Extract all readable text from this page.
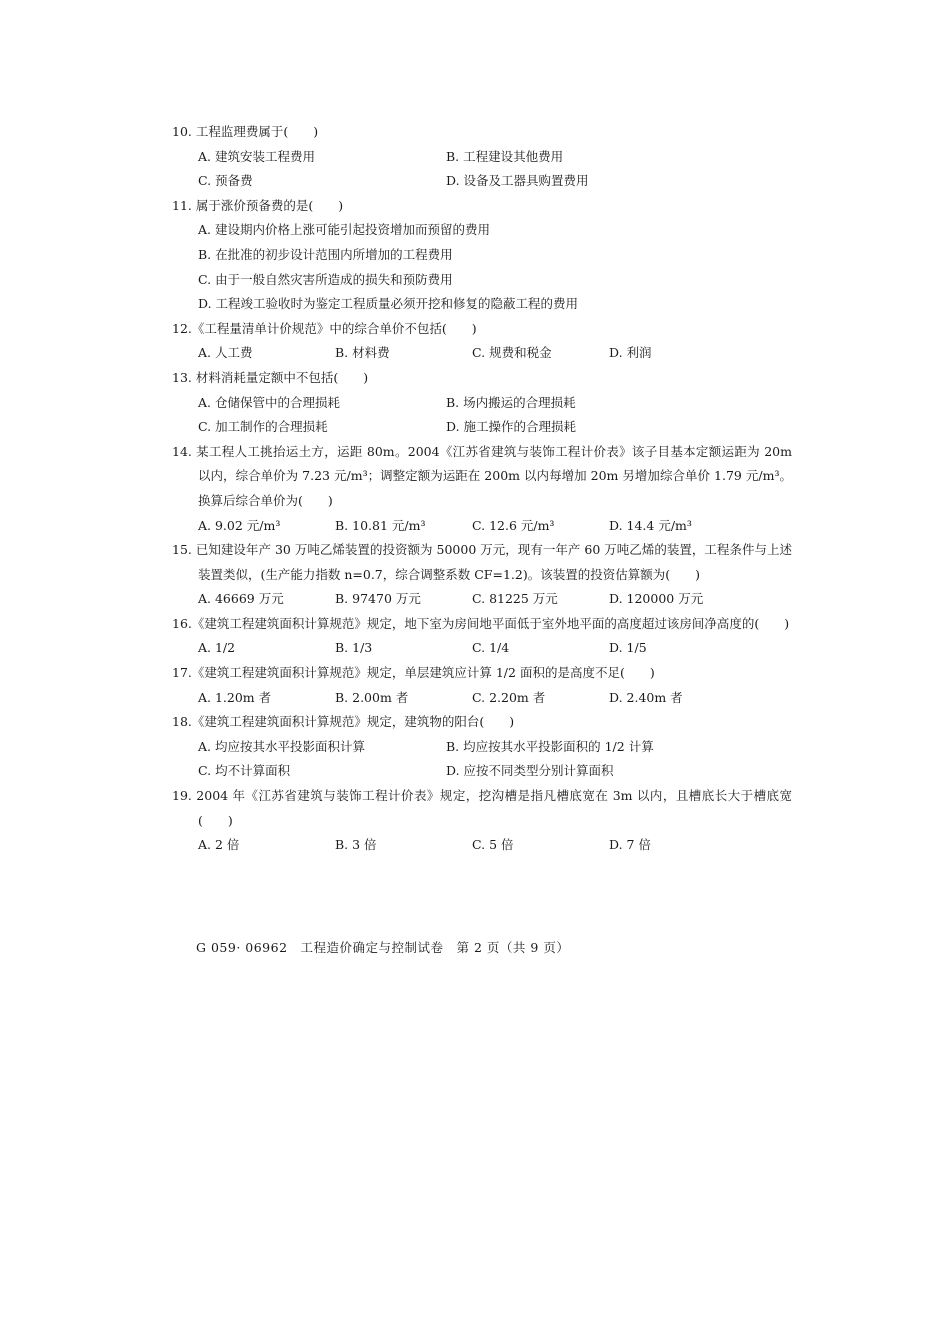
10. 工程监理费属于(　　)
A. 建筑安装工程费用	B. 工程建设其他费用
C. 预备费	D. 设备及工器具购置费用
11. 属于涨价预备费的是(　　)
A. 建设期内价格上涨可能引起投资增加而预留的费用
B. 在批准的初步设计范围内所增加的工程费用
C. 由于一般自然灾害所造成的损失和预防费用
D. 工程竣工验收时为鉴定工程质量必须开挖和修复的隐蔽工程的费用
12.《工程量清单计价规范》中的综合单价不包括(　　)
A. 人工费	B. 材料费	C. 规费和税金	D. 利润
13. 材料消耗量定额中不包括(　　)
A. 仓储保管中的合理损耗	B. 场内搬运的合理损耗
C. 加工制作的合理损耗	D. 施工操作的合理损耗
14. 某工程人工挑抬运土方，运距 80m。2004《江苏省建筑与装饰工程计价表》该子目基本定额运距为 20m 以内，综合单价为 7.23 元/m³；调整定额为运距在 200m 以内每增加 20m 另增加综合单价 1.79 元/m³。换算后综合单价为(　　)
A. 9.02 元/m³	B. 10.81 元/m³	C. 12.6 元/m³	D. 14.4 元/m³
15. 已知建设年产 30 万吨乙烯装置的投资额为 50000 万元，现有一年产 60 万吨乙烯的装置，工程条件与上述装置类似，(生产能力指数 n=0.7，综合调整系数 CF=1.2)。该装置的投资估算额为(　　)
A. 46669 万元	B. 97470 万元	C. 81225 万元	D. 120000 万元
16.《建筑工程建筑面积计算规范》规定，地下室为房间地平面低于室外地平面的高度超过该房间净高度的(　　)
A. 1/2	B. 1/3	C. 1/4	D. 1/5
17.《建筑工程建筑面积计算规范》规定，单层建筑应计算 1/2 面积的是高度不足(　　)
A. 1.20m 者	B. 2.00m 者	C. 2.20m 者	D. 2.40m 者
18.《建筑工程建筑面积计算规范》规定，建筑物的阳台(　　)
A. 均应按其水平投影面积计算	B. 均应按其水平投影面积的 1/2 计算
C. 均不计算面积	D. 应按不同类型分别计算面积
19. 2004 年《江苏省建筑与装饰工程计价表》规定，挖沟槽是指凡槽底宽在 3m 以内，且槽底长大于槽底宽(　　)
A. 2 倍	B. 3 倍	C. 5 倍	D. 7 倍
G 059· 06962　工程造价确定与控制试卷　第 2 页（共 9 页）
